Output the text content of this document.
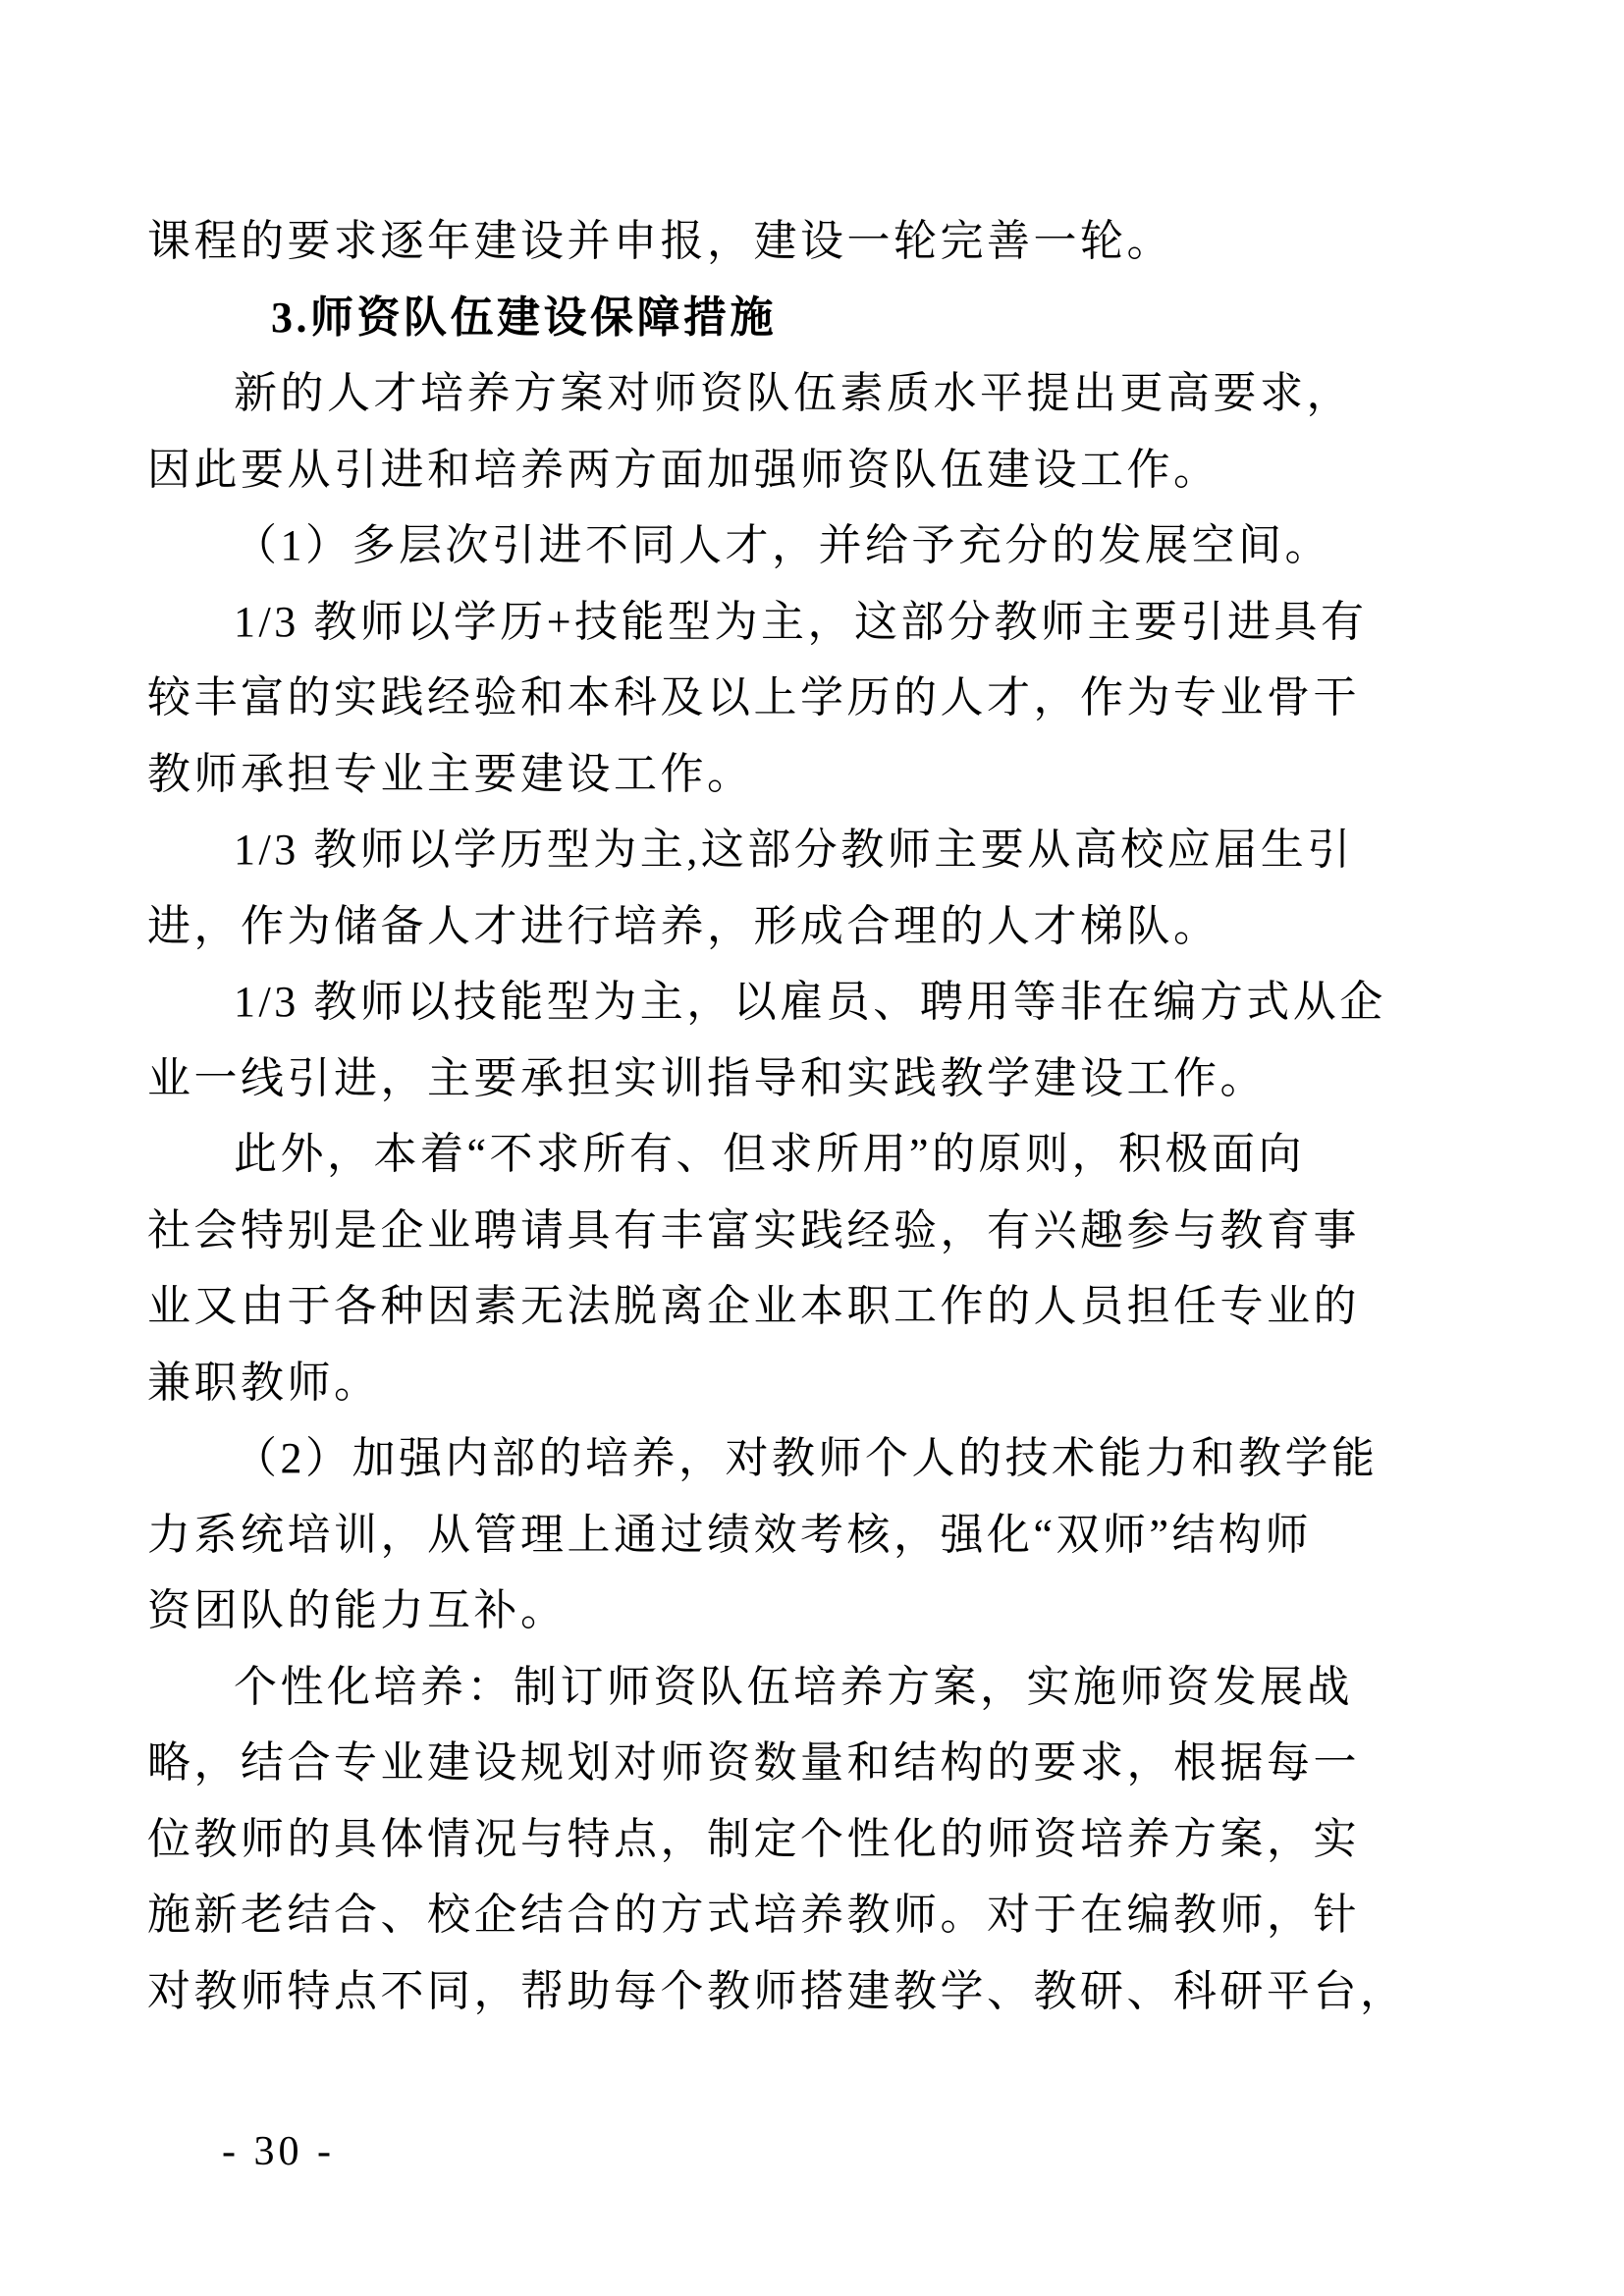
课程的要求逐年建设并申报，建设一轮完善一轮。

3.师资队伍建设保障措施

新的人才培养方案对师资队伍素质水平提出更高要求，

因此要从引进和培养两方面加强师资队伍建设工作。

（1）多层次引进不同人才，并给予充分的发展空间。

1/3 教师以学历+技能型为主，这部分教师主要引进具有

较丰富的实践经验和本科及以上学历的人才，作为专业骨干

教师承担专业主要建设工作。

1/3 教师以学历型为主,这部分教师主要从高校应届生引

进，作为储备人才进行培养，形成合理的人才梯队。

1/3 教师以技能型为主，以雇员、聘用等非在编方式从企

业一线引进，主要承担实训指导和实践教学建设工作。

此外，本着“不求所有、但求所用”的原则，积极面向

社会特别是企业聘请具有丰富实践经验，有兴趣参与教育事

业又由于各种因素无法脱离企业本职工作的人员担任专业的

兼职教师。

（2）加强内部的培养，对教师个人的技术能力和教学能

力系统培训，从管理上通过绩效考核，强化“双师”结构师

资团队的能力互补。

个性化培养：制订师资队伍培养方案，实施师资发展战

略，结合专业建设规划对师资数量和结构的要求，根据每一

位教师的具体情况与特点，制定个性化的师资培养方案，实

施新老结合、校企结合的方式培养教师。对于在编教师，针

对教师特点不同，帮助每个教师搭建教学、教研、科研平台，

- 30 -
